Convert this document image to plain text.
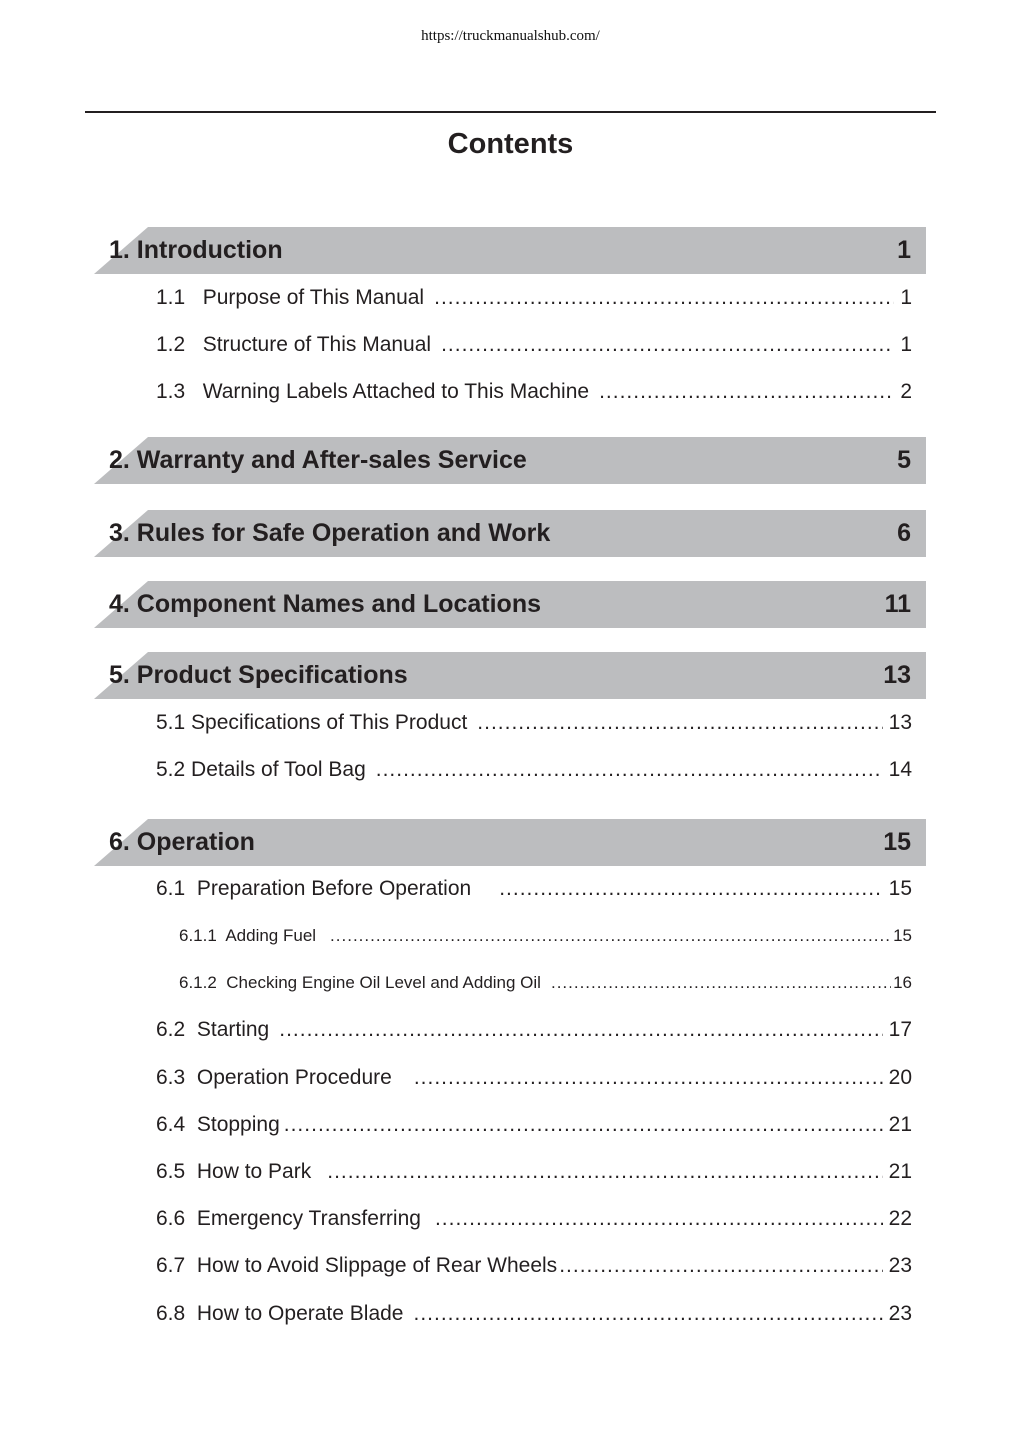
https://truckmanualshub.com/
Contents
1. Introduction	1
1.1   Purpose of This Manual .....	1
1.2   Structure of This Manual .....	1
1.3   Warning Labels Attached to This Machine .....	2
2. Warranty and After-sales Service	5
3. Rules for Safe Operation and Work	6
4. Component Names and Locations	11
5. Product Specifications	13
5.1 Specifications of This Product .....	13
5.2 Details of Tool Bag .....	14
6. Operation	15
6.1  Preparation Before Operation .....	15
6.1.1  Adding Fuel .....	15
6.1.2  Checking Engine Oil Level and Adding Oil .....	16
6.2  Starting .....	17
6.3  Operation Procedure .....	20
6.4  Stopping .....	21
6.5  How to Park .....	21
6.6  Emergency Transferring .....	22
6.7  How to Avoid Slippage of Rear Wheels .....	23
6.8  How to Operate Blade .....	23
